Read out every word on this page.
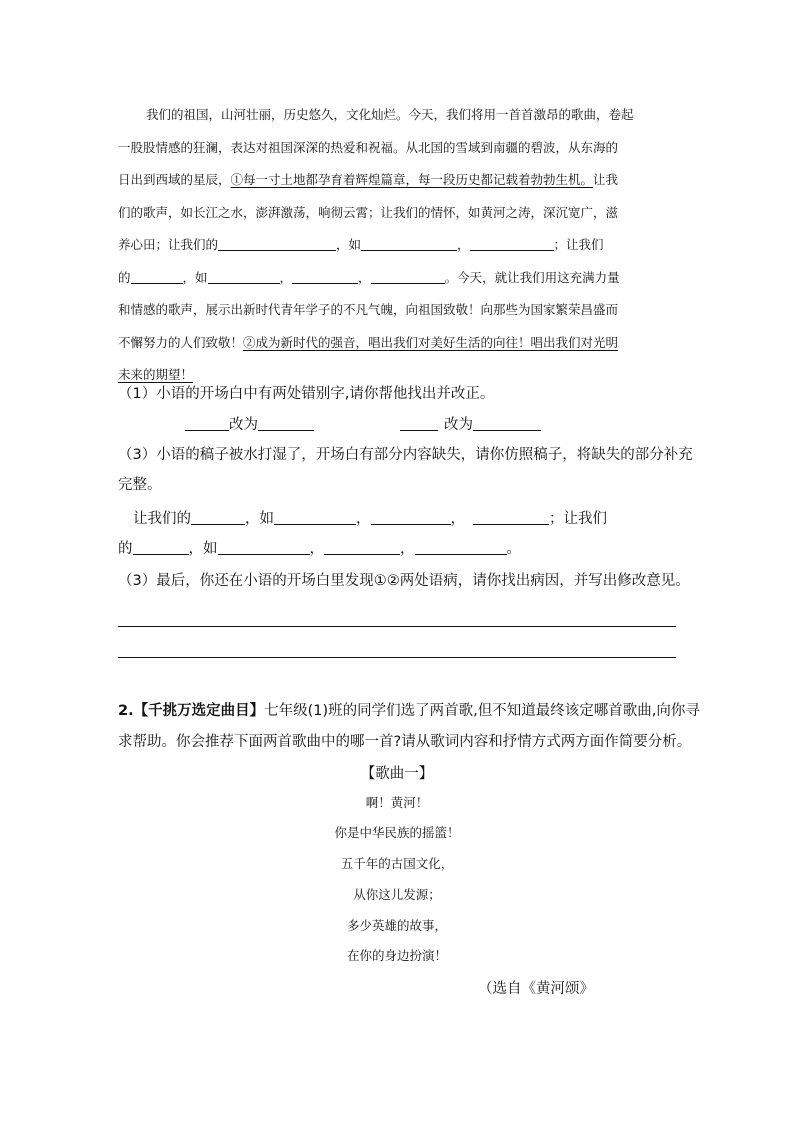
我们的祖国，山河壮丽，历史悠久，文化灿烂。今天，我们将用一首首激昂的歌曲，卷起

一股股情感的狂澜，表达对祖国深深的热爱和祝福。从北国的雪域到南疆的碧波，从东海的

日出到西域的星辰，①每一寸土地都孕育着辉煌篇章，每一段历史都记载着勃勃生机。让我

们的歌声，如长江之水，澎湃激荡，响彻云霄；让我们的情怀，如黄河之涛，深沉宽广，滋

养心田；让我们的	，如	，	；让我们

的	，如	，	，	。今天，就让我们用这充满力量

和情感的歌声，展示出新时代青年学子的不凡气魄，向祖国致敬！向那些为国家繁荣昌盛而

不懈努力的人们致敬！②成为新时代的强音，唱出我们对美好生活的向往！唱出我们对光明

未来的期望！

（1）小语的开场白中有两处错别字,请你帮他找出并改正。
改为	改为
（3）小语的稿子被水打湿了，开场白有部分内容缺失，请你仿照稿子，将缺失的部分补充
完整。
让我们的	，如	，	，	；让我们
的	，如	，	，	。
（3）最后，你还在小语的开场白里发现①②两处语病，请你找出病因，并写出修改意见。
2.【千挑万选定曲目】七年级(1)班的同学们选了两首歌,但不知道最终该定哪首歌曲,向你寻
求帮助。你会推荐下面两首歌曲中的哪一首?请从歌词内容和抒情方式两方面作简要分析。
【歌曲一】
啊！黄河！
你是中华民族的摇篮！
五千年的古国文化，
从你这儿发源；
多少英雄的故事，
在你的身边扮演！
（选自《黄河颂》
